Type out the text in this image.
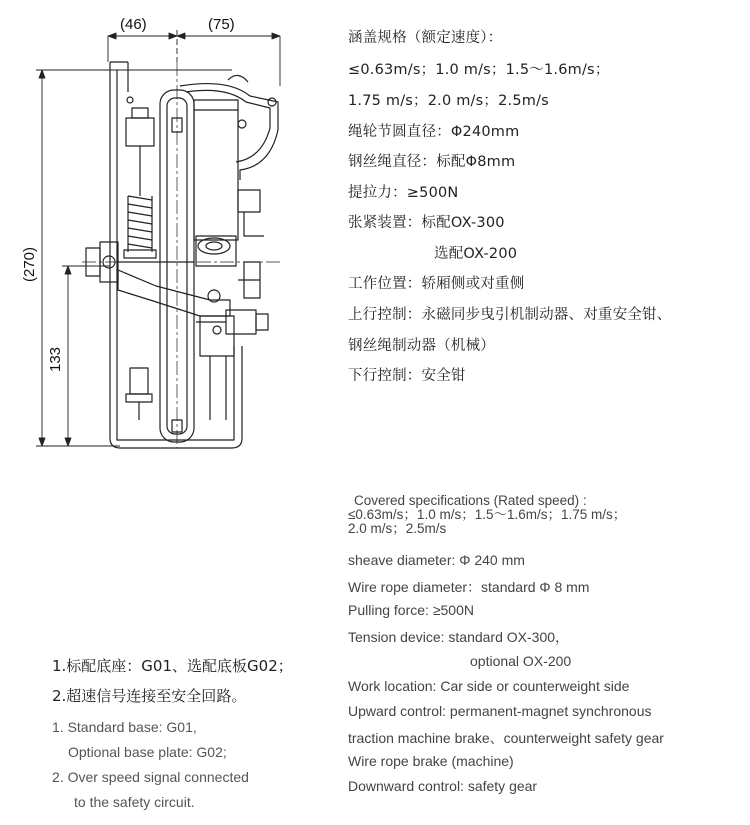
(46)	(75)
(270)
133
涵盖规格（额定速度）：
≤0.63m/s；1.0 m/s；1.5～1.6m/s；
1.75 m/s；2.0 m/s；2.5m/s
绳轮节圆直径：Φ240mm
钢丝绳直径：标配Φ8mm
提拉力：≥500N
张紧装置：标配OX-300
选配OX-200
工作位置：轿厢侧或对重侧
上行控制：永磁同步曳引机制动器、对重安全钳、
钢丝绳制动器（机械）
下行控制：安全钳
Covered specifications (Rated speed) :
≤0.63m/s；1.0 m/s；1.5～1.6m/s；1.75 m/s；
2.0 m/s；2.5m/s
sheave diameter: Φ 240 mm
Wire rope diameter：standard Φ 8 mm
Pulling force: ≥500N
Tension device: standard OX-300，
optional OX-200
Work location: Car side or counterweight side
Upward control: permanent-magnet synchronous
traction machine brake、counterweight safety gear
Wire rope brake (machine)
Downward control: safety gear
1.标配底座：G01、选配底板G02；
2.超速信号连接至安全回路。
1. Standard base: G01,
Optional base plate: G02;
2. Over speed signal connected
to the safety circuit.
